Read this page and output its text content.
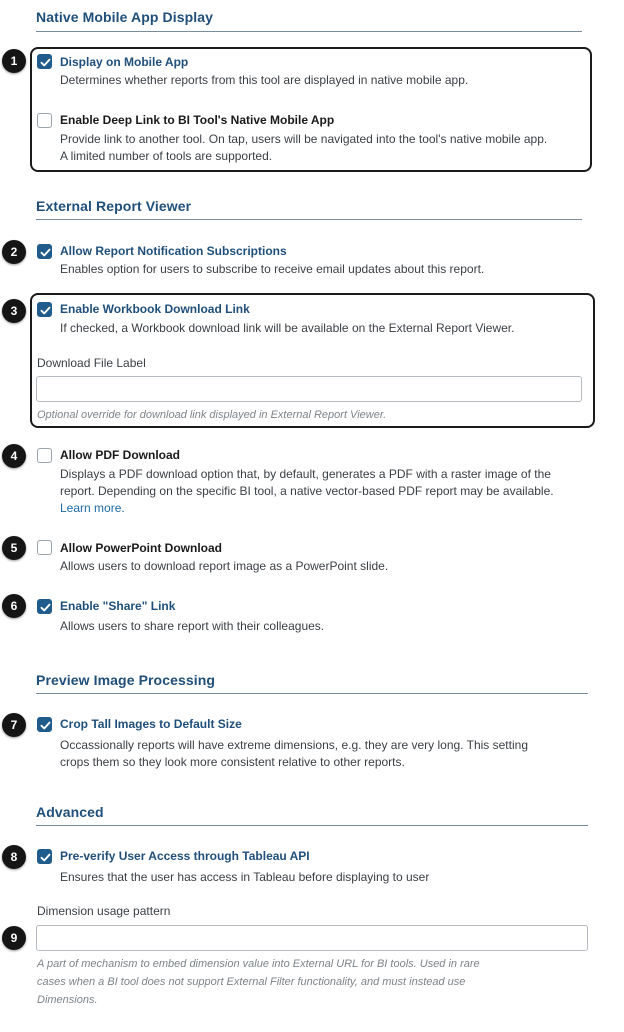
Native Mobile App Display
1	Display on Mobile App
Determines whether reports from this tool are displayed in native mobile app.
Enable Deep Link to BI Tool's Native Mobile App
Provide link to another tool. On tap, users will be navigated into the tool's native mobile app.
A limited number of tools are supported.
External Report Viewer
2	Allow Report Notification Subscriptions
Enables option for users to subscribe to receive email updates about this report.
3	Enable Workbook Download Link
If checked, a Workbook download link will be available on the External Report Viewer.
Download File Label
Optional override for download link displayed in External Report Viewer.
4	Allow PDF Download
Displays a PDF download option that, by default, generates a PDF with a raster image of the
report. Depending on the specific BI tool, a native vector-based PDF report may be available.
Learn more.
5	Allow PowerPoint Download
Allows users to download report image as a PowerPoint slide.
6	Enable "Share" Link
Allows users to share report with their colleagues.
Preview Image Processing
7	Crop Tall Images to Default Size
Occassionally reports will have extreme dimensions, e.g. they are very long. This setting
crops them so they look more consistent relative to other reports.
Advanced
8	Pre-verify User Access through Tableau API
Ensures that the user has access in Tableau before displaying to user
Dimension usage pattern
9
A part of mechanism to embed dimension value into External URL for BI tools. Used in rare
cases when a BI tool does not support External Filter functionality, and must instead use
Dimensions.
